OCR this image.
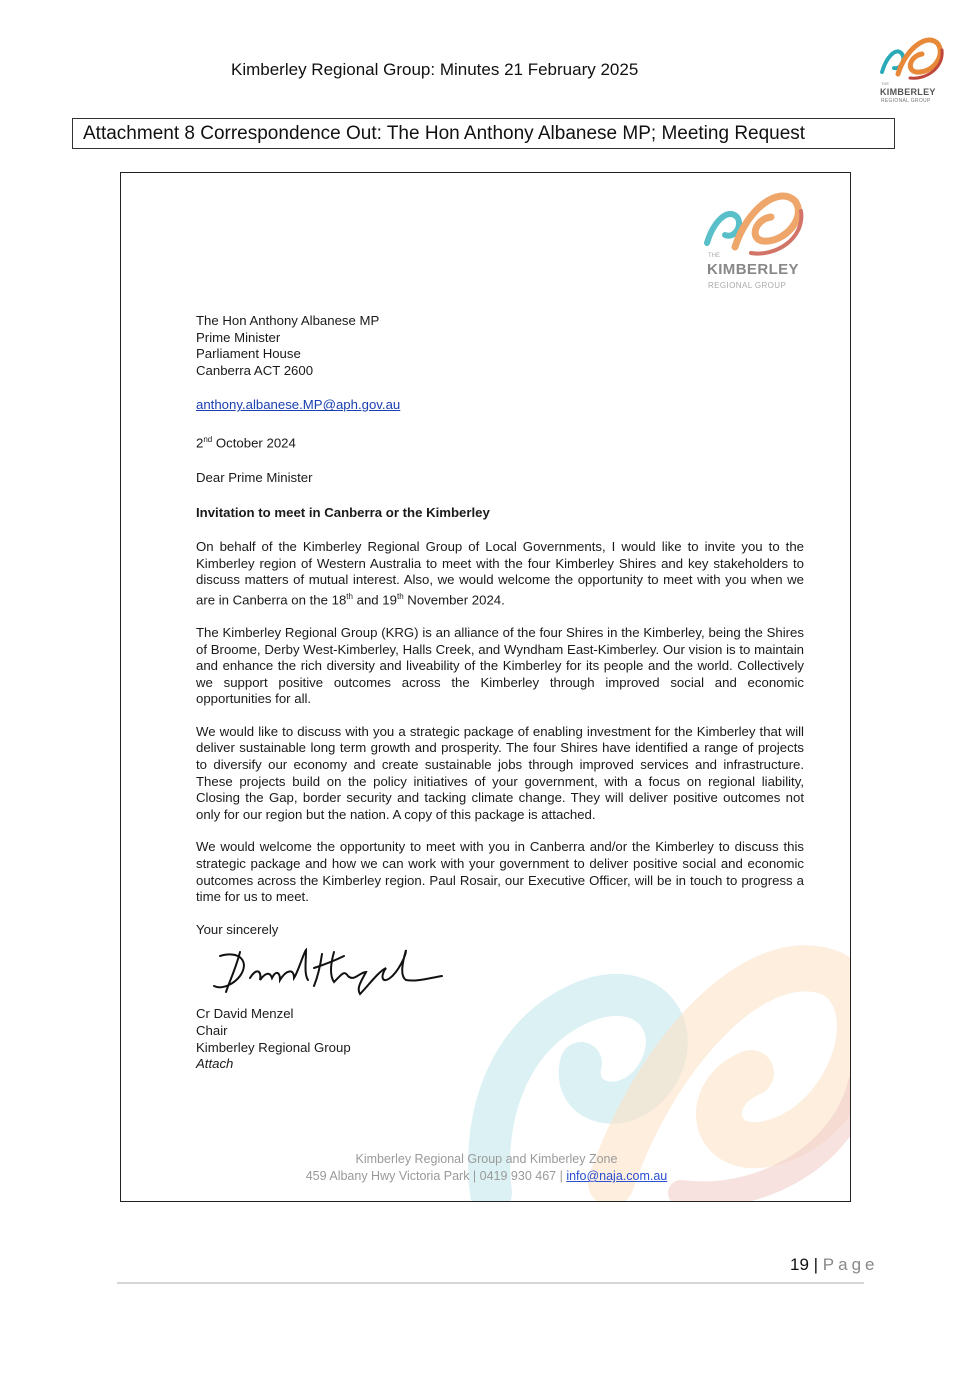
Kimberley Regional Group: Minutes 21 February 2025
THE
KIMBERLEY
REGIONAL GROUP
Attachment 8 Correspondence Out: The Hon Anthony Albanese MP; Meeting Request
THE
KIMBERLEY
REGIONAL GROUP
The Hon Anthony Albanese MP
Prime Minister
Parliament House
Canberra ACT 2600
anthony.albanese.MP@aph.gov.au
2nd October 2024
Dear Prime Minister
Invitation to meet in Canberra or the Kimberley

On behalf of the Kimberley Regional Group of Local Governments, I would like to invite you to the Kimberley region of Western Australia to meet with the four Kimberley Shires and key stakeholders to discuss matters of mutual interest. Also, we would welcome the opportunity to meet with you when we are in Canberra on the 18th and 19th November 2024.

The Kimberley Regional Group (KRG) is an alliance of the four Shires in the Kimberley, being the Shires of Broome, Derby West-Kimberley, Halls Creek, and Wyndham East-Kimberley. Our vision is to maintain and enhance the rich diversity and liveability of the Kimberley for its people and the world. Collectively we support positive outcomes across the Kimberley through improved social and economic opportunities for all.

We would like to discuss with you a strategic package of enabling investment for the Kimberley that will deliver sustainable long term growth and prosperity. The four Shires have identified a range of projects to diversify our economy and create sustainable jobs through improved services and infrastructure. These projects build on the policy initiatives of your government, with a focus on regional liability, Closing the Gap, border security and tacking climate change. They will deliver positive outcomes not only for our region but the nation. A copy of this package is attached.

We would welcome the opportunity to meet with you in Canberra and/or the Kimberley to discuss this strategic package and how we can work with your government to deliver positive social and economic outcomes across the Kimberley region. Paul Rosair, our Executive Officer, will be in touch to progress a time for us to meet.

Your sincerely
Cr David Menzel
Chair
Kimberley Regional Group
Attach
Kimberley Regional Group and Kimberley Zone
459 Albany Hwy Victoria Park | 0419 930 467 | info@naja.com.au
19 | Page
